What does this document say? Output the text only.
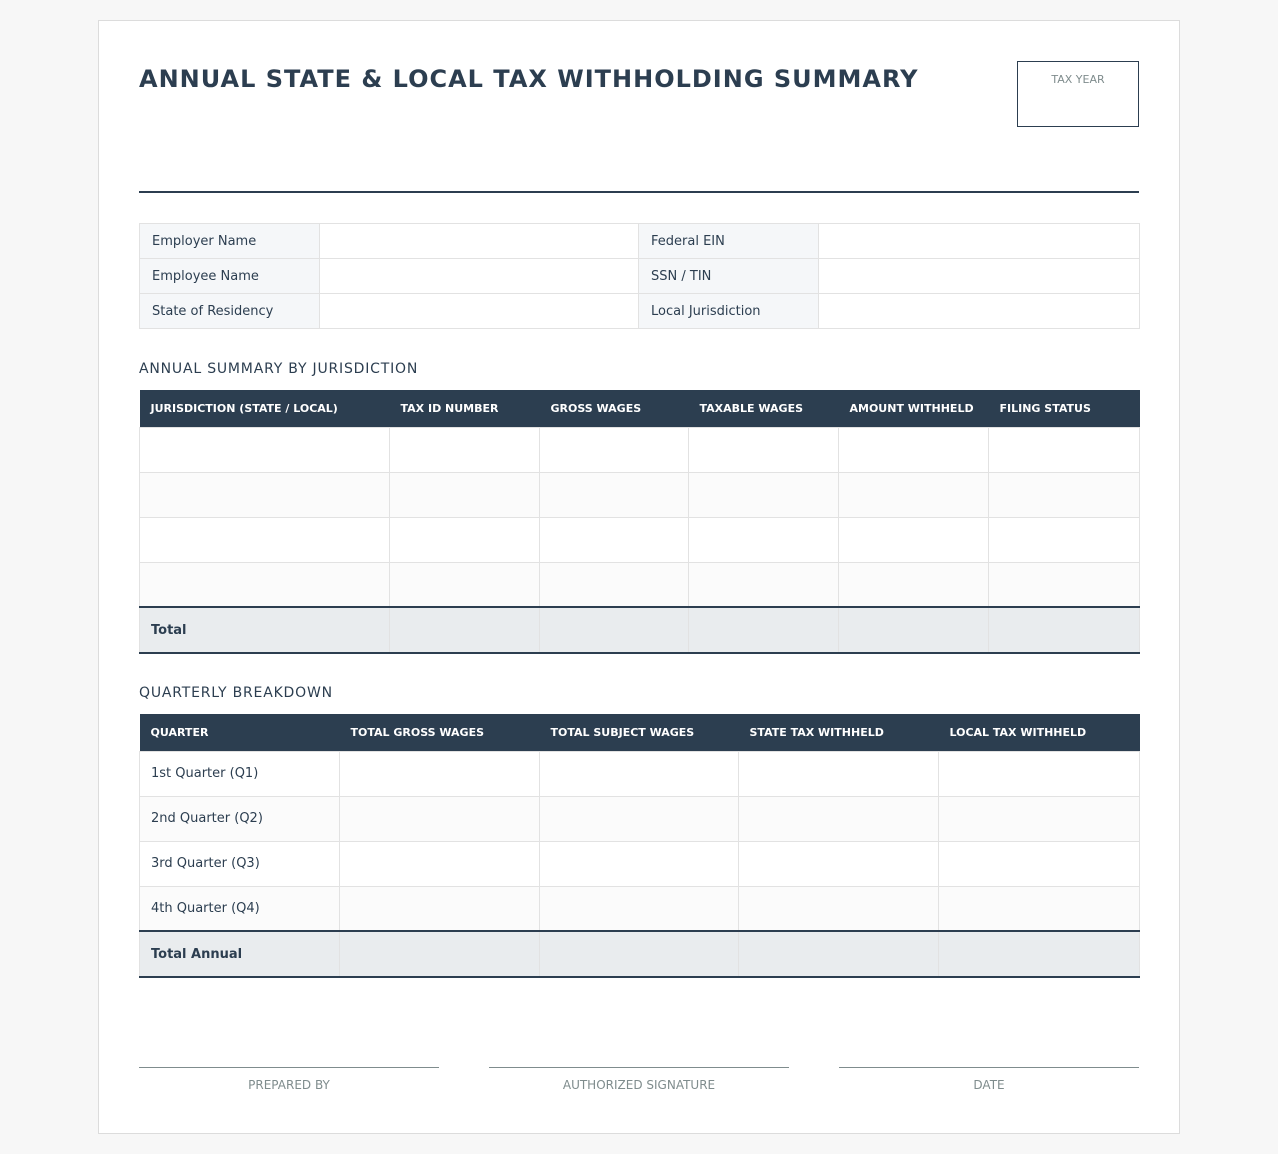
ANNUAL STATE & LOCAL TAX WITHHOLDING SUMMARY	TAX YEAR
Employer Name		Federal EIN	
Employee Name		SSN / TIN	
State of Residency		Local Jurisdiction	
ANNUAL SUMMARY BY JURISDICTION
JURISDICTION (STATE / LOCAL)	TAX ID NUMBER	GROSS WAGES	TAXABLE WAGES	AMOUNT WITHHELD	FILING STATUS

Total					
QUARTERLY BREAKDOWN
QUARTER	TOTAL GROSS WAGES	TOTAL SUBJECT WAGES	STATE TAX WITHHELD	LOCAL TAX WITHHELD
1st Quarter (Q1)				
2nd Quarter (Q2)				
3rd Quarter (Q3)				
4th Quarter (Q4)				
Total Annual				
PREPARED BY	AUTHORIZED SIGNATURE	DATE
